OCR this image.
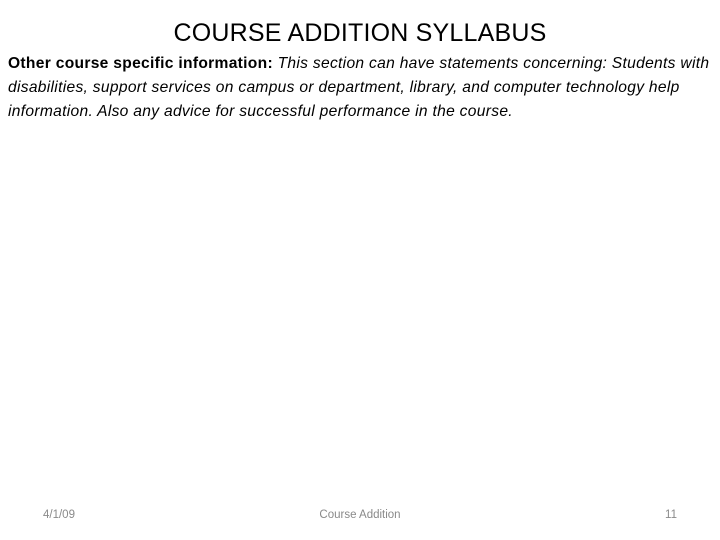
COURSE ADDITION SYLLABUS
Other course specific information: This section can have statements concerning: Students with disabilities, support services on campus or department, library, and computer technology help information. Also any advice for successful performance in the course.
4/1/09	Course Addition	11
